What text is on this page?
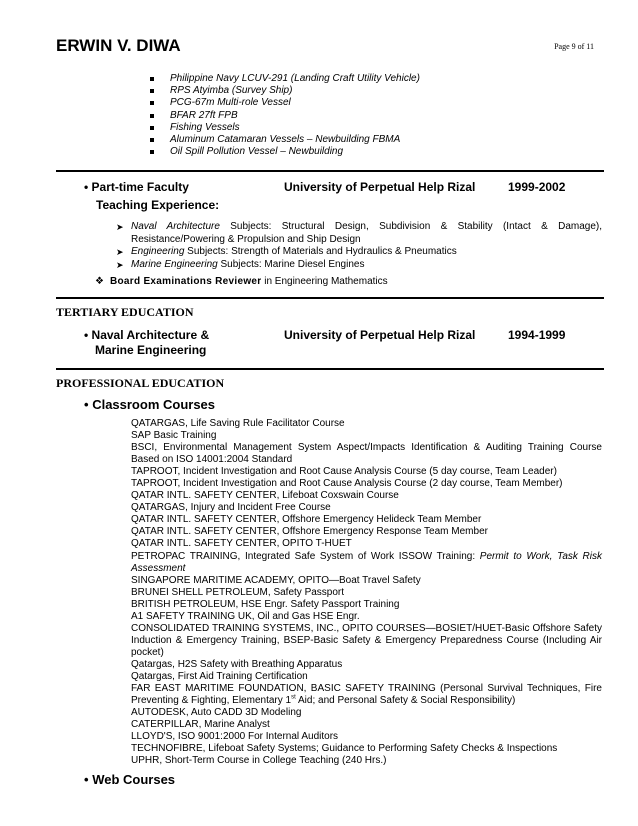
ERWIN V. DIWA	Page 9 of 11
Philippine Navy LCUV-291 (Landing Craft Utility Vehicle)
RPS Atyimba (Survey Ship)
PCG-67m Multi-role Vessel
BFAR 27ft FPB
Fishing Vessels
Aluminum Catamaran Vessels – Newbuilding FBMA
Oil Spill Pollution Vessel – Newbuilding
• Part-time Faculty	University of Perpetual Help Rizal	1999-2002
Teaching Experience:
➤ Naval Architecture Subjects: Structural Design, Subdivision & Stability (Intact & Damage), Resistance/Powering & Propulsion and Ship Design
➤ Engineering Subjects: Strength of Materials and Hydraulics & Pneumatics
➤ Marine Engineering Subjects: Marine Diesel Engines
❖ Board Examinations Reviewer in Engineering Mathematics
TERTIARY EDUCATION
• Naval Architecture &
Marine Engineering
University of Perpetual Help Rizal	1994-1999
PROFESSIONAL EDUCATION
• Classroom Courses
QATARGAS, Life Saving Rule Facilitator Course
SAP Basic Training
BSCI, Environmental Management System Aspect/Impacts Identification & Auditing Training Course Based on ISO 14001:2004 Standard
TAPROOT, Incident Investigation and Root Cause Analysis Course (5 day course, Team Leader)
TAPROOT, Incident Investigation and Root Cause Analysis Course (2 day course, Team Member)
QATAR INTL. SAFETY CENTER, Lifeboat Coxswain Course
QATARGAS, Injury and Incident Free Course
QATAR INTL. SAFETY CENTER, Offshore Emergency Helideck Team Member
QATAR INTL. SAFETY CENTER, Offshore Emergency Response Team Member
QATAR INTL. SAFETY CENTER, OPITO T-HUET
PETROPAC TRAINING, Integrated Safe System of Work ISSOW Training: Permit to Work, Task Risk Assessment
SINGAPORE MARITIME ACADEMY, OPITO—Boat Travel Safety
BRUNEI SHELL PETROLEUM, Safety Passport
BRITISH PETROLEUM, HSE Engr. Safety Passport Training
A1 SAFETY TRAINING UK, Oil and Gas HSE Engr.
CONSOLIDATED TRAINING SYSTEMS, INC., OPITO COURSES—BOSIET/HUET-Basic Offshore Safety Induction & Emergency Training, BSEP-Basic Safety & Emergency Preparedness Course (Including Air pocket)
Qatargas, H2S Safety with Breathing Apparatus
Qatargas, First Aid Training Certification
FAR EAST MARITIME FOUNDATION, BASIC SAFETY TRAINING (Personal Survival Techniques, Fire Preventing & Fighting, Elementary 1st Aid; and Personal Safety & Social Responsibility)
AUTODESK, Auto CADD 3D Modeling
CATERPILLAR, Marine Analyst
LLOYD'S, ISO 9001:2000 For Internal Auditors
TECHNOFIBRE, Lifeboat Safety Systems; Guidance to Performing Safety Checks & Inspections
UPHR, Short-Term Course in College Teaching (240 Hrs.)
• Web Courses
